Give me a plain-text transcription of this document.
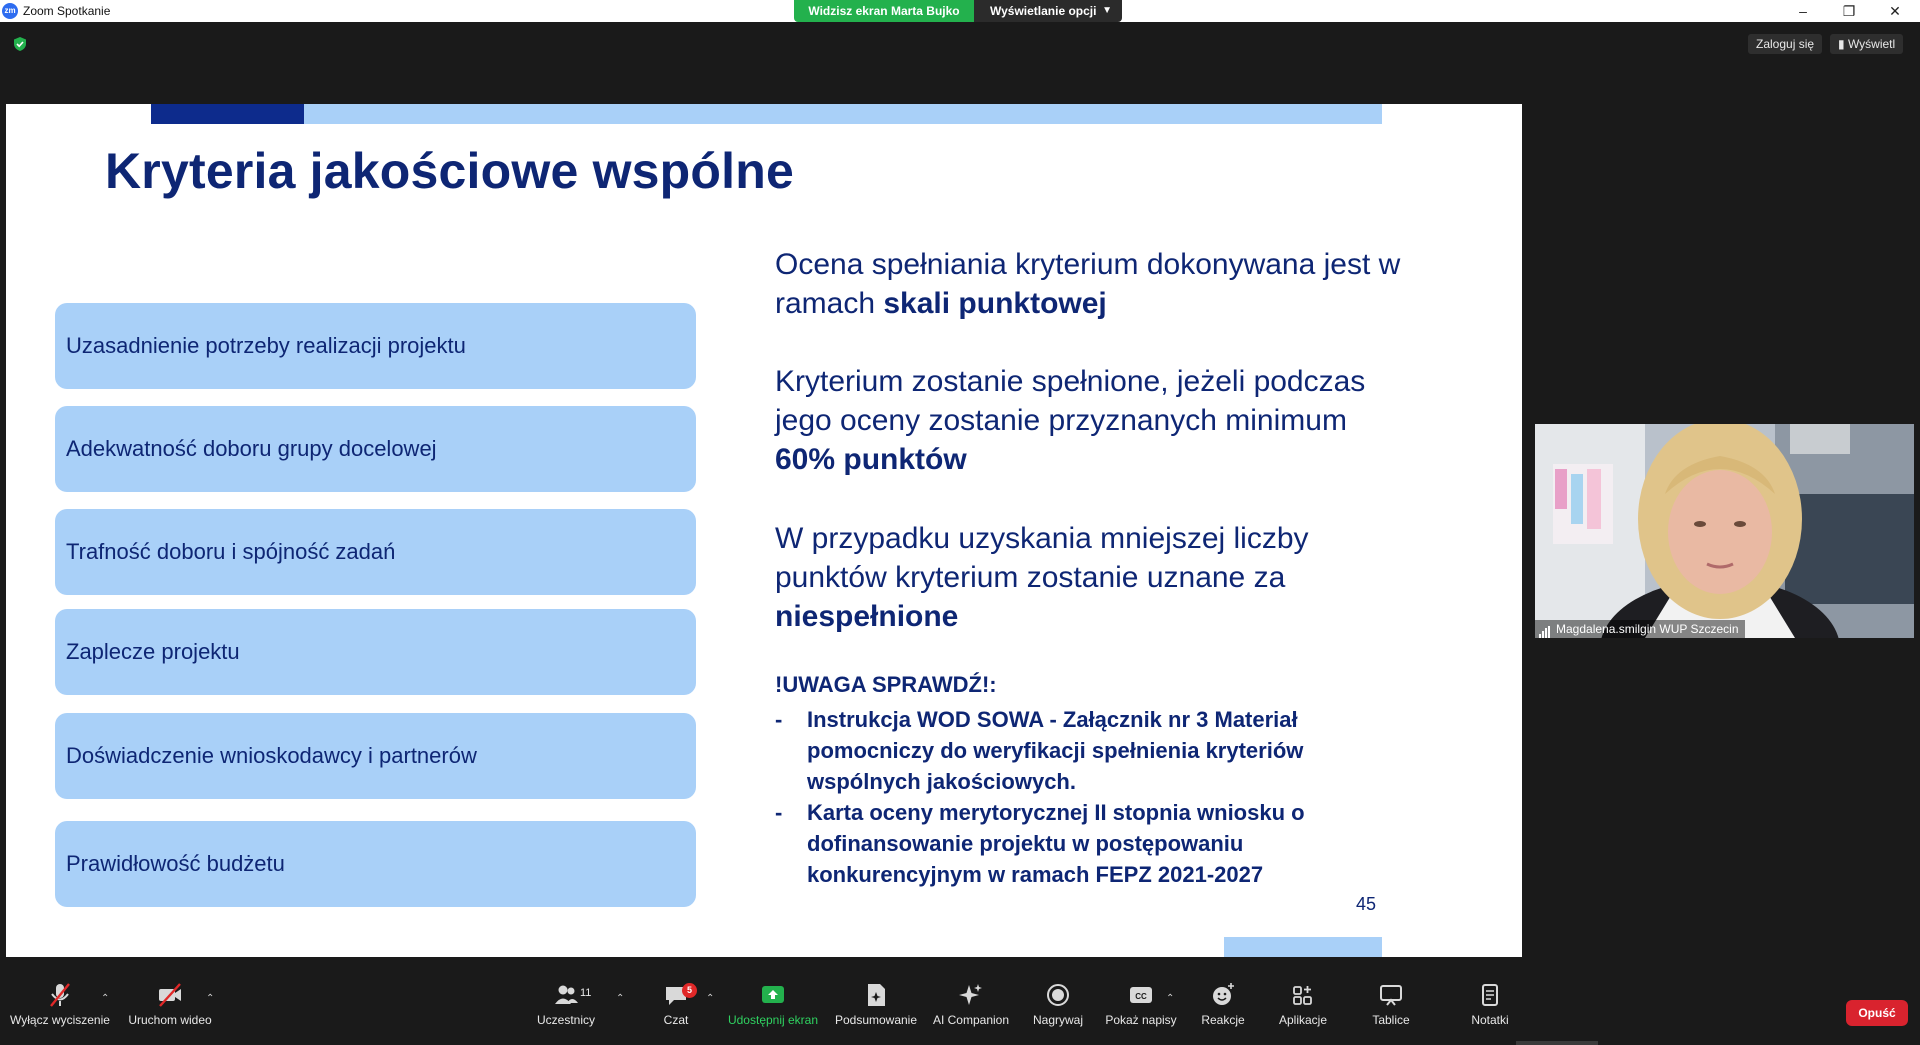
zm Zoom Spotkanie	–	❐	✕
Widzisz ekran Marta Bujko	Wyświetlanie opcji ▼
Zaloguj się	▮ Wyświetl
Kryteria jakościowe wspólne
Uzasadnienie potrzeby realizacji projektu
Adekwatność doboru grupy docelowej
Trafność doboru i spójność zadań
Zaplecze projektu
Doświadczenie wnioskodawcy i partnerów
Prawidłowość budżetu

Ocena spełniania kryterium dokonywana jest w ramach skali punktowej

Kryterium zostanie spełnione, jeżeli podczas jego oceny zostanie przyznanych minimum 60% punktów

W przypadku uzyskania mniejszej liczby punktów kryterium zostanie uznane za niespełnione

!UWAGA SPRAWDŹ!:
- Instrukcja WOD SOWA - Załącznik nr 3 Materiał pomocniczy do weryfikacji spełnienia kryteriów wspólnych jakościowych.
- Karta oceny merytorycznej II stopnia wniosku o dofinansowanie projektu w postępowaniu konkurencyjnym w ramach FEPZ 2021-2027
45
Magdalena.smilgin WUP Szczecin
Wyłącz wyciszenie
⌃
Uruchom wideo
⌃	11
Uczestnicy
⌃
5
Czat
⌃
Udostępnij ekran	Podsumowanie	AI Companion	Nagrywaj
CC
Pokaż napisy
⌃
Reakcje	Aplikacje	Tablice	Notatki	Opuść
